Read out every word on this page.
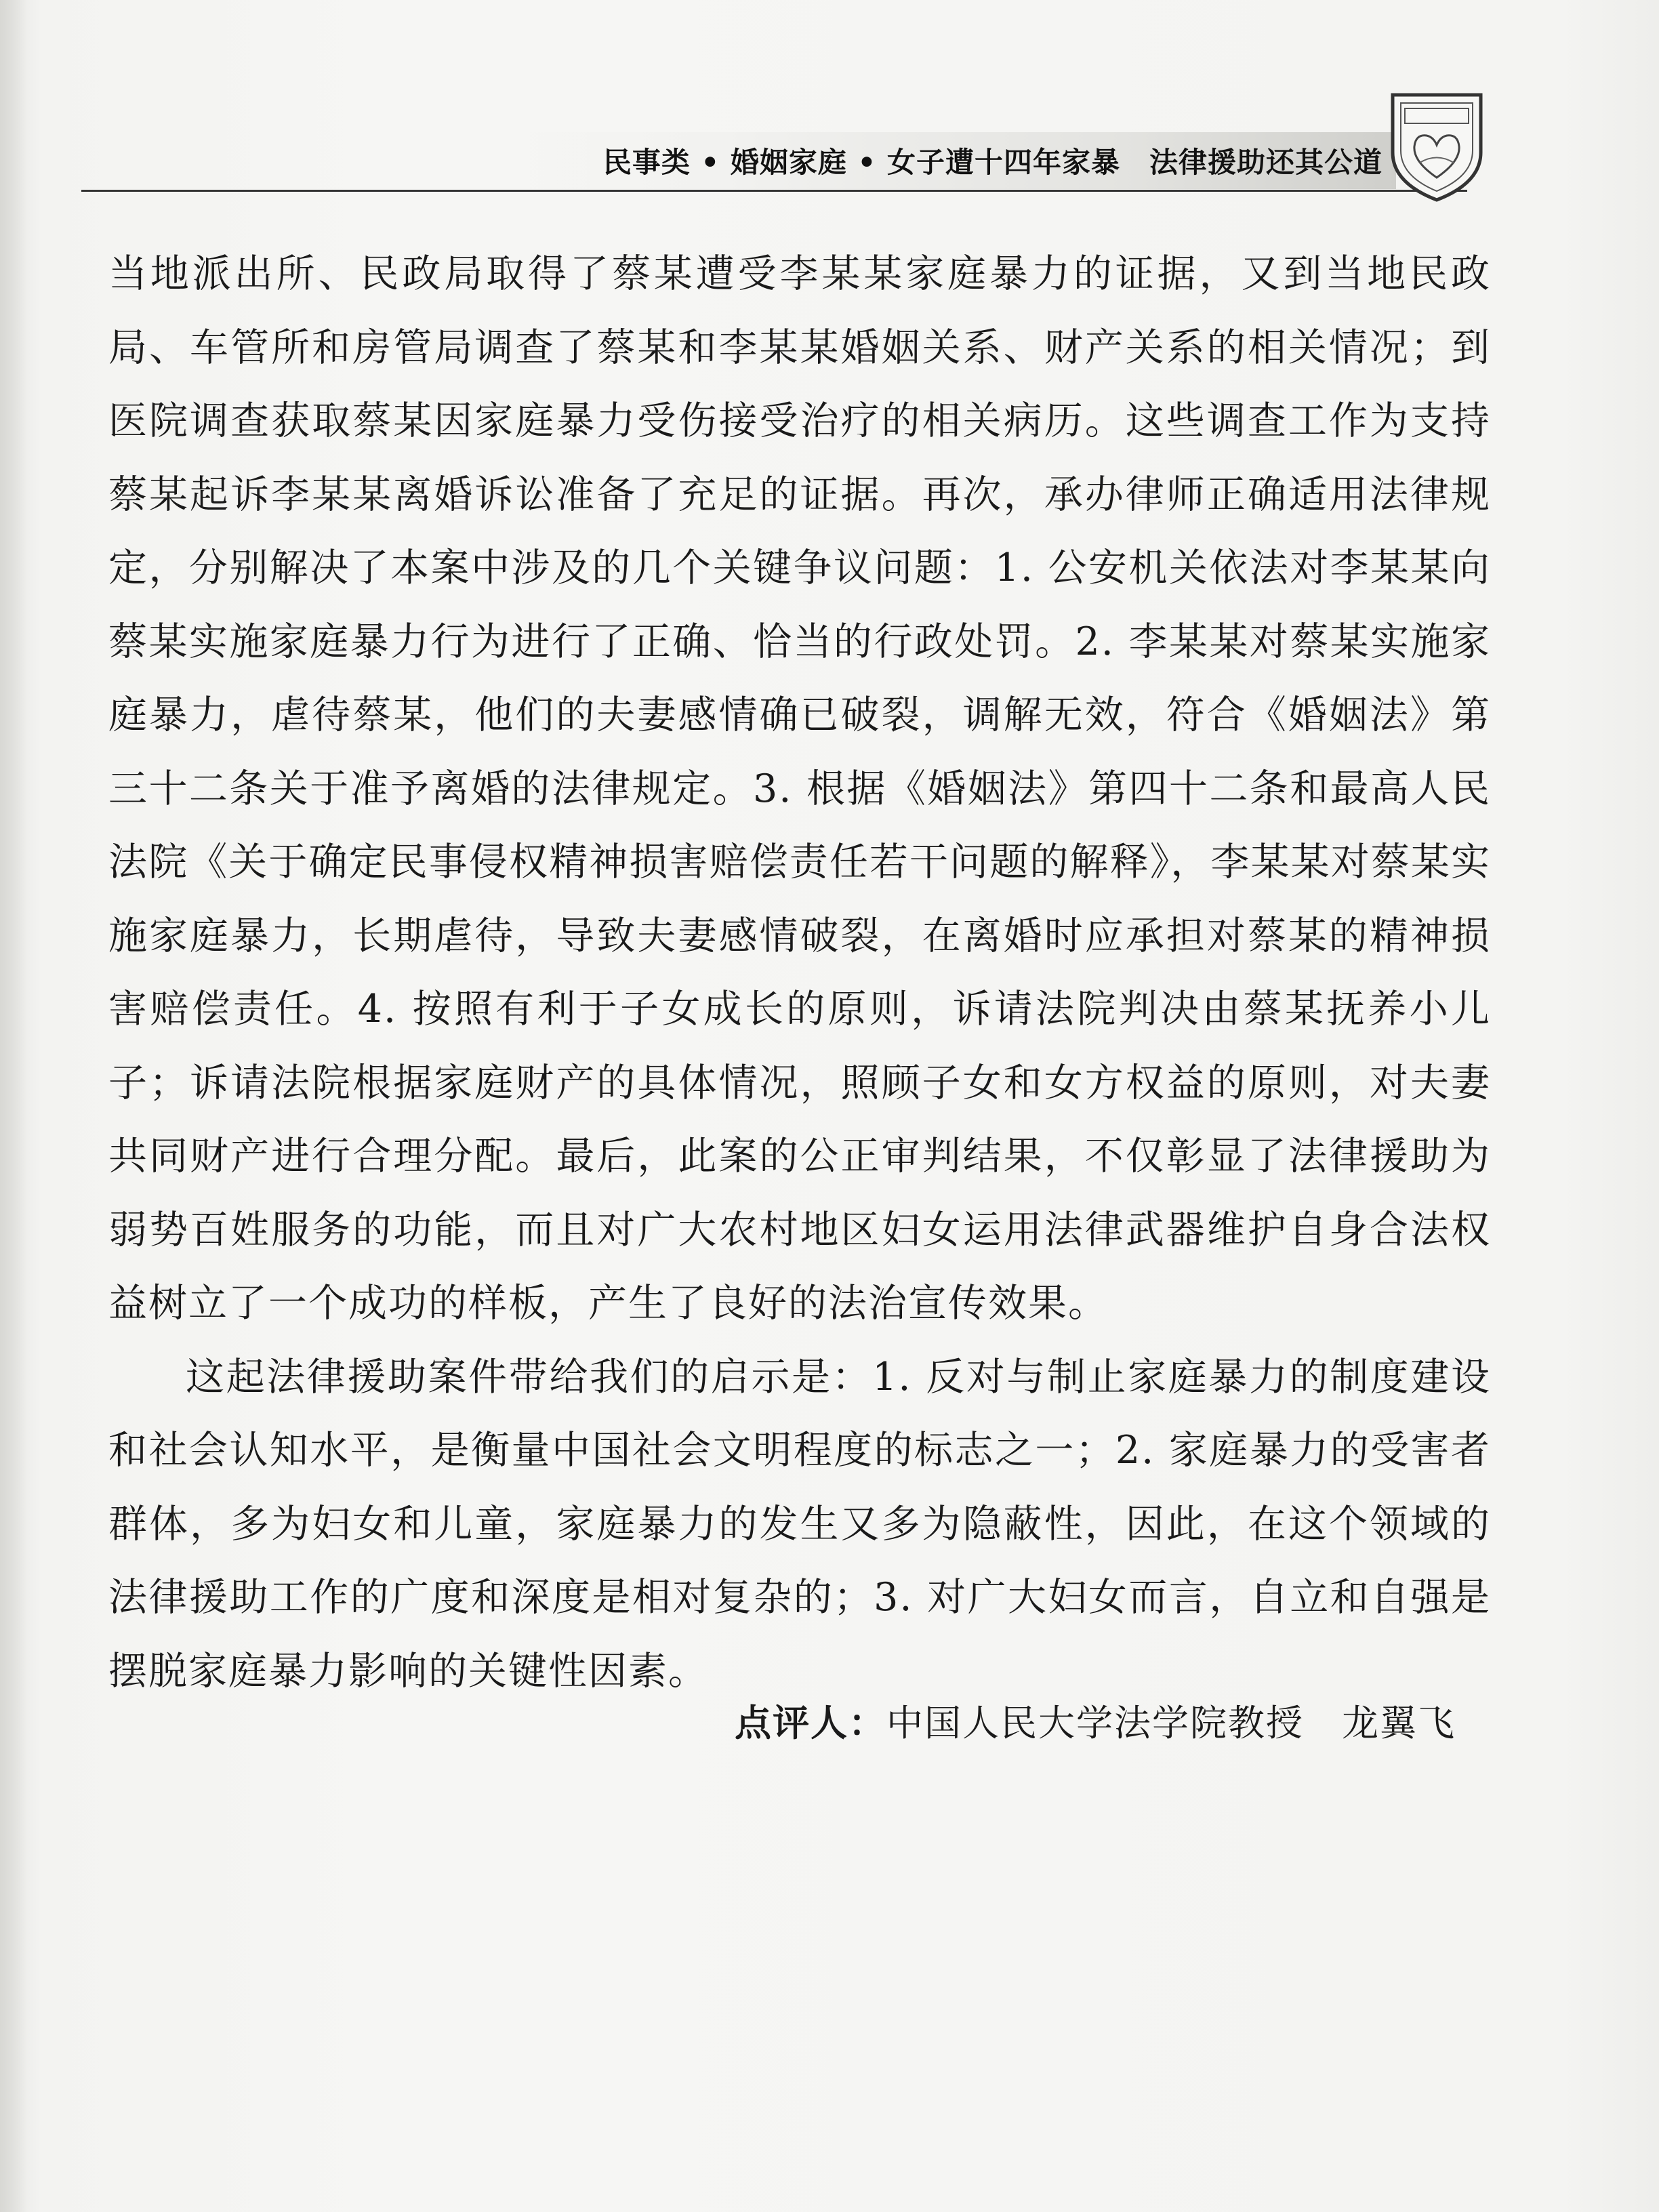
民事类 • 婚姻家庭 • 女子遭十四年家暴　法律援助还其公道

当地派出所、民政局取得了蔡某遭受李某某家庭暴力的证据，又到当地民政局、车管所和房管局调查了蔡某和李某某婚姻关系、财产关系的相关情况；到医院调查获取蔡某因家庭暴力受伤接受治疗的相关病历。这些调查工作为支持蔡某起诉李某某离婚诉讼准备了充足的证据。再次，承办律师正确适用法律规定，分别解决了本案中涉及的几个关键争议问题：1. 公安机关依法对李某某向蔡某实施家庭暴力行为进行了正确、恰当的行政处罚。2. 李某某对蔡某实施家庭暴力，虐待蔡某，他们的夫妻感情确已破裂，调解无效，符合《婚姻法》第三十二条关于准予离婚的法律规定。3. 根据《婚姻法》第四十二条和最高人民法院《关于确定民事侵权精神损害赔偿责任若干问题的解释》，李某某对蔡某实施家庭暴力，长期虐待，导致夫妻感情破裂，在离婚时应承担对蔡某的精神损害赔偿责任。4. 按照有利于子女成长的原则，诉请法院判决由蔡某抚养小儿子；诉请法院根据家庭财产的具体情况，照顾子女和女方权益的原则，对夫妻共同财产进行合理分配。最后，此案的公正审判结果，不仅彰显了法律援助为弱势百姓服务的功能，而且对广大农村地区妇女运用法律武器维护自身合法权益树立了一个成功的样板，产生了良好的法治宣传效果。

这起法律援助案件带给我们的启示是：1. 反对与制止家庭暴力的制度建设和社会认知水平，是衡量中国社会文明程度的标志之一；2. 家庭暴力的受害者群体，多为妇女和儿童，家庭暴力的发生又多为隐蔽性，因此，在这个领域的法律援助工作的广度和深度是相对复杂的；3. 对广大妇女而言，自立和自强是摆脱家庭暴力影响的关键性因素。

点评人：中国人民大学法学院教授 龙翼飞
